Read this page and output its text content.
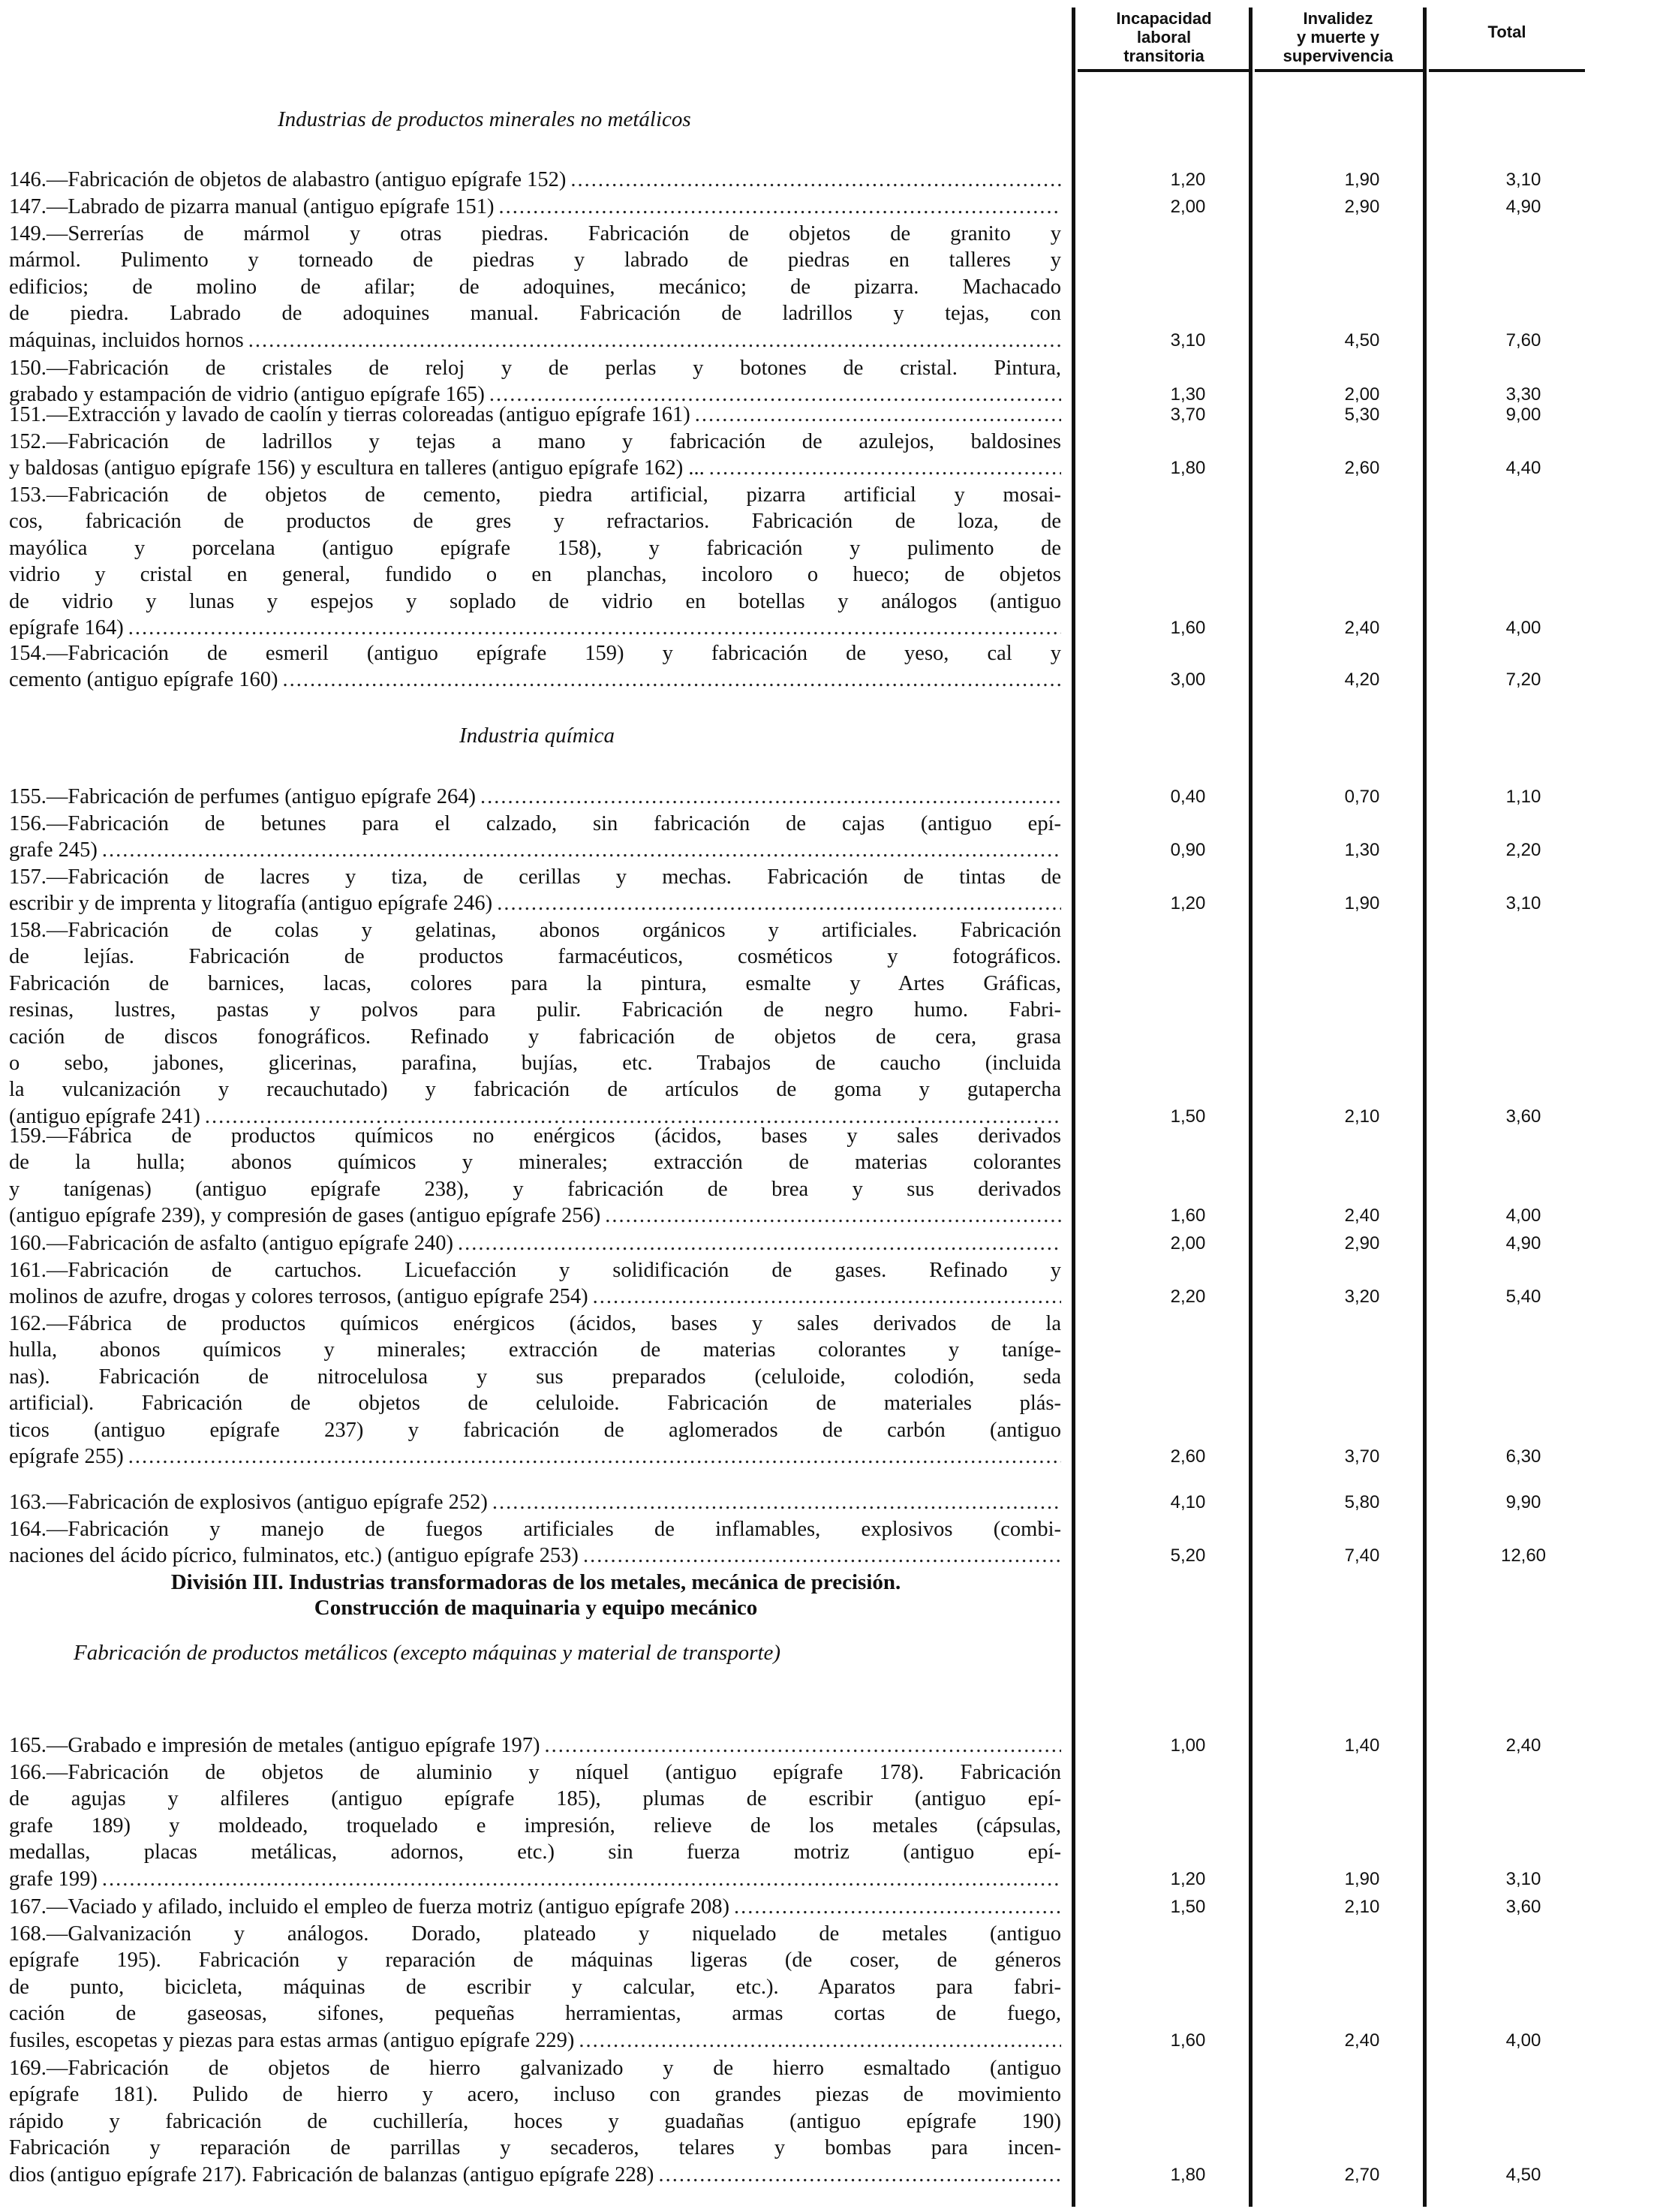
Incapacidad
laboral
transitoria
Invalidez
y muerte y
supervivencia
Total
Industrias de productos minerales no metálicos
Industria química
División III. Industrias transformadoras de los metales, mecánica de precisión.
Construcción de maquinaria y equipo mecánico
Fabricación de productos metálicos (excepto máquinas y material de transporte)
146. —Fabricación de objetos de alabastro (antiguo epígrafe 152) .....	1,20	1,90	3,10
147. —Labrado de pizarra manual (antiguo epígrafe 151) .....	2,00	2,90	4,90
149.—Serrerías de mármol y otras piedras. Fabricación de objetos de granito y
mármol. Pulimento y torneado de piedras y labrado de piedras en talleres y
edificios; de molino de afilar; de adoquines, mecánico; de pizarra. Machacado
de piedra. Labrado de adoquines manual. Fabricación de ladrillos y tejas, con
máquinas, incluidos hornos .....	3,10	4,50	7,60
150.—Fabricación de cristales de reloj y de perlas y botones de cristal. Pintura,
grabado y estampación de vidrio (antiguo epígrafe 165) .....	1,30	2,00	3,30
151. —Extracción y lavado de caolín y tierras coloreadas (antiguo epígrafe 161) .....	3,70	5,30	9,00
152.—Fabricación de ladrillos y tejas a mano y fabricación de azulejos, baldosines
y baldosas (antiguo epígrafe 156) y escultura en talleres (antiguo epígrafe 162) ... .....	1,80	2,60	4,40
153.—Fabricación de objetos de cemento, piedra artificial, pizarra artificial y mosai-
cos, fabricación de productos de gres y refractarios. Fabricación de loza, de
mayólica y porcelana (antiguo epígrafe 158), y fabricación y pulimento de
vidrio y cristal en general, fundido o en planchas, incoloro o hueco; de objetos
de vidrio y lunas y espejos y soplado de vidrio en botellas y análogos (antiguo
epígrafe 164) .....	1,60	2,40	4,00
154.—Fabricación de esmeril (antiguo epígrafe 159) y fabricación de yeso, cal y
cemento (antiguo epígrafe 160) .....	3,00	4,20	7,20
155. —Fabricación de perfumes (antiguo epígrafe 264) .....	0,40	0,70	1,10
156.—Fabricación de betunes para el calzado, sin fabricación de cajas (antiguo epí-
grafe 245) .....	0,90	1,30	2,20
157.—Fabricación de lacres y tiza, de cerillas y mechas. Fabricación de tintas de
escribir y de imprenta y litografía (antiguo epígrafe 246) .....	1,20	1,90	3,10
158.—Fabricación de colas y gelatinas, abonos orgánicos y artificiales. Fabricación
de lejías. Fabricación de productos farmacéuticos, cosméticos y fotográficos.
Fabricación de barnices, lacas, colores para la pintura, esmalte y Artes Gráficas,
resinas, lustres, pastas y polvos para pulir. Fabricación de negro humo. Fabri-
cación de discos fonográficos. Refinado y fabricación de objetos de cera, grasa
o sebo, jabones, glicerinas, parafina, bujías, etc. Trabajos de caucho (incluida
la vulcanización y recauchutado) y fabricación de artículos de goma y gutapercha
(antiguo epígrafe 241) .....	1,50	2,10	3,60
159.—Fábrica de productos químicos no enérgicos (ácidos, bases y sales derivados
de la hulla; abonos químicos y minerales; extracción de materias colorantes
y tanígenas) (antiguo epígrafe 238), y fabricación de brea y sus derivados
(antiguo epígrafe 239), y compresión de gases (antiguo epígrafe 256) .....	1,60	2,40	4,00
160. —Fabricación de asfalto (antiguo epígrafe 240) .....	2,00	2,90	4,90
161.—Fabricación de cartuchos. Licuefacción y solidificación de gases. Refinado y
molinos de azufre, drogas y colores terrosos, (antiguo epígrafe 254) .....	2,20	3,20	5,40
162.—Fábrica de productos químicos enérgicos (ácidos, bases y sales derivados de la
hulla, abonos químicos y minerales; extracción de materias colorantes y taníge-
nas). Fabricación de nitrocelulosa y sus preparados (celuloide, colodión, seda
artificial). Fabricación de objetos de celuloide. Fabricación de materiales plás-
ticos (antiguo epígrafe 237) y fabricación de aglomerados de carbón (antiguo
epígrafe 255) .....	2,60	3,70	6,30
163. —Fabricación de explosivos (antiguo epígrafe 252) .....	4,10	5,80	9,90
164.—Fabricación y manejo de fuegos artificiales de inflamables, explosivos (combi-
naciones del ácido pícrico, fulminatos, etc.) (antiguo epígrafe 253) .....	5,20	7,40	12,60
165. —Grabado e impresión de metales (antiguo epígrafe 197) .....	1,00	1,40	2,40
166.—Fabricación de objetos de aluminio y níquel (antiguo epígrafe 178). Fabricación
de agujas y alfileres (antiguo epígrafe 185), plumas de escribir (antiguo epí-
grafe 189) y moldeado, troquelado e impresión, relieve de los metales (cápsulas,
medallas, placas metálicas, adornos, etc.) sin fuerza motriz (antiguo epí-
grafe 199) .....	1,20	1,90	3,10
167. —Vaciado y afilado, incluido el empleo de fuerza motriz (antiguo epígrafe 208) .....	1,50	2,10	3,60
168.—Galvanización y análogos. Dorado, plateado y niquelado de metales (antiguo
epígrafe 195). Fabricación y reparación de máquinas ligeras (de coser, de géneros
de punto, bicicleta, máquinas de escribir y calcular, etc.). Aparatos para fabri-
cación de gaseosas, sifones, pequeñas herramientas, armas cortas de fuego,
fusiles, escopetas y piezas para estas armas (antiguo epígrafe 229) .....	1,60	2,40	4,00
169.—Fabricación de objetos de hierro galvanizado y de hierro esmaltado (antiguo
epígrafe 181). Pulido de hierro y acero, incluso con grandes piezas de movimiento
rápido y fabricación de cuchillería, hoces y guadañas (antiguo epígrafe 190)
Fabricación y reparación de parrillas y secaderos, telares y bombas para incen-
dios (antiguo epígrafe 217). Fabricación de balanzas (antiguo epígrafe 228) .....	1,80	2,70	4,50
